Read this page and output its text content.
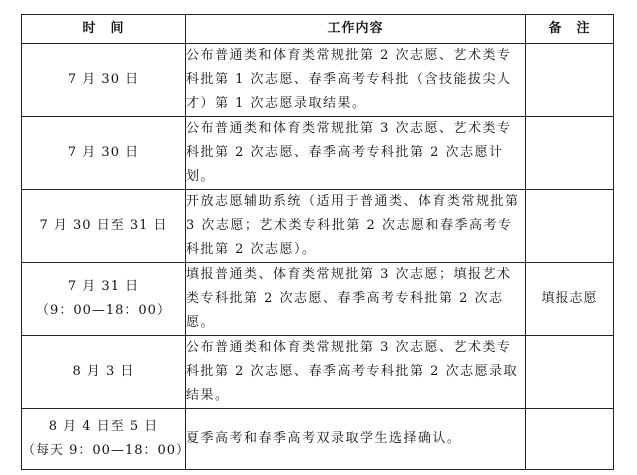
时　间	工作内容	备　注

7 月 30 日	公布普通类和体育类常规批第 2 次志愿、艺术类专科批第 1 次志愿、春季高考专科批（含技能拔尖人才）第 1 次志愿录取结果。	

7 月 30 日	公布普通类和体育类常规批第 3 次志愿、艺术类专科批第 2 次志愿、春季高考专科批第 2 次志愿计划。	

7 月 30 日至 31 日	开放志愿辅助系统（适用于普通类、体育类常规批第 3 次志愿；艺术类专科批第 2 次志愿和春季高考专科批第 2 次志愿）。	

7 月 31 日
（9：00—18：00）	填报普通类、体育类常规批第 3 次志愿；填报艺术类专科批第 2 次志愿、春季高考专科批第 2 次志愿。	填报志愿

8 月 3 日	公布普通类和体育类常规批第 3 次志愿、艺术类专科批第 2 次志愿、春季高考专科批第 2 次志愿录取结果。	

8 月 4 日至 5 日
（每天 9：00—18：00）	夏季高考和春季高考双录取学生选择确认。	
